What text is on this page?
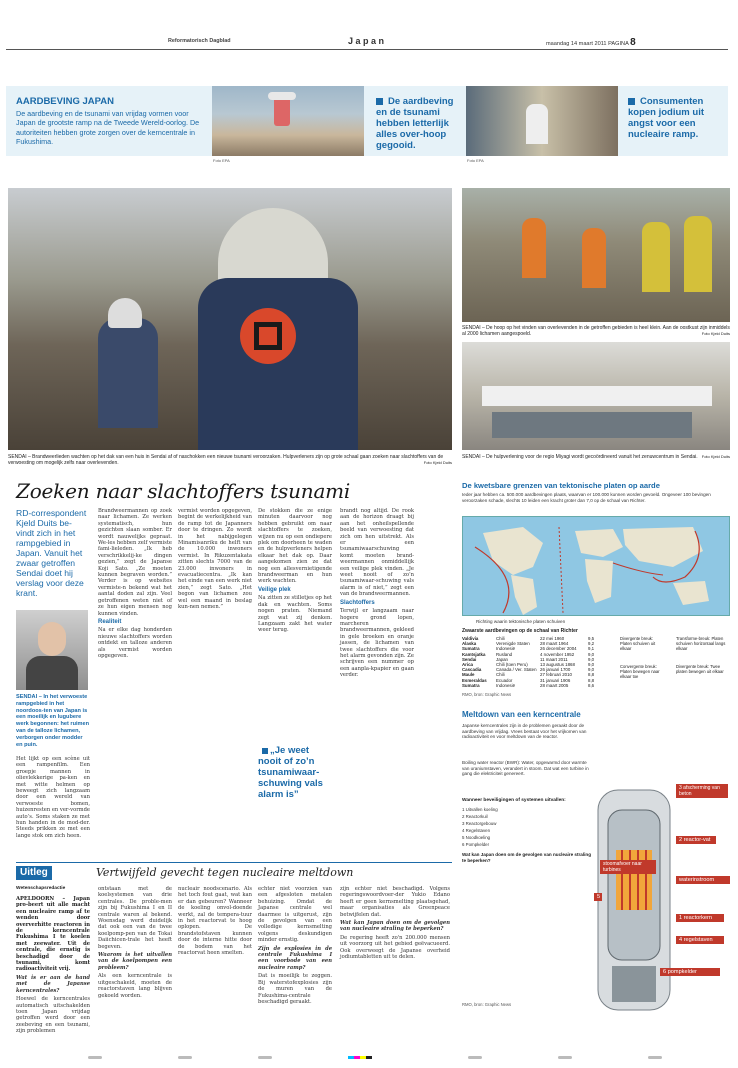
Reformatorisch Dagblad	J a p a n	maandag 14 maart 2011 PAGINA 8
AARDBEVING JAPAN
De aardbeving en de tsunami van vrijdag vormen voor Japan de grootste ramp na de Tweede Wereld-oorlog. De autoriteiten hebben grote zorgen over de kerncentrale in Fukushima.
Foto EPA
De aardbeving en de tsunami hebben letterlijk alles over-hoop gegooid.
Foto EPA
Consumenten kopen jodium uit angst voor een nucleaire ramp.
SENDAI – Brandweerlieden wachten op het dak van een huis in Sendai af of naschokken een nieuwe tsunami veroorzaken. Hulpverleners zijn op grote schaal gaan zoeken naar slachtoffers van de verwoesting om mogelijk zelfs naar overlevenden.	Foto Kjeld Duits
SENDAI – De hoop op het vinden van overlevenden in de getroffen gebieden is heel klein. Aan de oostkust zijn inmiddels al 2000 lichamen aangespoeld.	Foto Kjeld Duits
SENDAI – De hulpverlening voor de regio Miyagi wordt gecoördineerd vanuit het zenuwcentrum in Sendai. Foto Kjeld Duits
Zoeken naar slachtoffers tsunami
RD-correspondent Kjeld Duits be-vindt zich in het rampgebied in Japan. Vanuit het zwaar getroffen Sendai doet hij verslag voor deze krant.
SENDAI – In het verwoeste rampgebied in het noordoos-ten van Japan is een moeilijk en lugubere werk begonnen: het ruimen van de talloze lichamen, verborgen onder modder en puin.

Het lijkt op een scène uit een rampenfilm. Een groepje mannen in olievlekkerige pa-ken en met witte helmen op beweegt zich langzaam door een wereld van verwoeste bomen, huizenresten en ver-vormde auto’s. Soms staken ze met hun handen in de mod-der. Steeds prikken ze met een lange stok om zich heen.

Brandweermannen op zoek naar lichamen. Ze werken systematisch, hun gezichten slaan somber. Er wordt nauwelijks gepraat. We-les hebben zelf vermiste fami-lieleden. „Ik heb verschrikkelij-ke dingen gezien,” zegt de Japanse Koji Sato. „Ze moeten kunnen begraven worden.” Verder is op websites vermiste-n bekend wat het aantal doden zal zijn. Veel getroffenen weten niet of ze hun eigen mensen nog kunnen vinden.

Realiteit

Na er elke dag honderden nieuwe slachtoffers worden ontdekt en talloze anderen als vermist worden opgegeven.

vermist worden opgegeven, begint de werkelijkheid van de ramp tot de Japanners door te dringen. Zo wordt in het nabijgelegen Minamisanriku de helft van de 10.000 inwoners vermist. In Rikuzentakata zitten slechts 7000 van de 23.000 inwoners in evacuatiecentra. „Ik kan het einde van een werk niet zien,” zegt Sato. „Het begon van lichamen zou wel een maand in beslag kun-nen nemen.”

De stokken die ze enige minuten daarvoor nog hebben gebruikt om naar slachtoffers te zoeken, wijzen nu op een ondiepere plek om doorheen te waden en de hulpverleners helpen elkaar het dak op. Daar aangekomen zien ze dat nog een allesvernietigende brandweerman en hun werk wachten.

Veilige plek

Na zitten ze stilletjes op het dak en wachten. Soms nogen praten. Niemand zegt wat zij denken. Langzaam zakt het water weer terug.

„Je weet nooit of zo’n tsunamiwaar-schuwing vals alarm is”

brandt nog altijd. De rook aan de horizon draagt bij aan het onheilspellende beeld van verwoesting dat zich om hen uitstrekt. Als er een tsunamiwaarschuwing komt moeten brand-weermannen onmiddellijk een veilige plek vinden. „Je weet nooit of zo’n tsunamiwaar-schuwing vals alarm is of niet,” zegt een van de brandweermannen.

Slachtoffers

Terwijl er langzaam naar hogere grond lopen, marcheren brandweermannen, gekleed in gele broeken en oranje jassen, de lichamen van twee slachtoffers die voor het alarm gevonden zijn. Ze schrijven een nummer op een aanpla-kpapier en gaan verder.

De kwetsbare grenzen van tektonische platen op aarde
Ieder jaar hebben ca. 500.000 aardbevingen plaats, waarvan er 100.000 kunnen worden gevoeld. Ongeveer 100 bevingen veroorzaken schade, slechts 10 leiden een kracht groter dan 7,0 op de schaal van Richter.
Richting waarin tektonische platen schuiven
Zwaarste aardbevingen op de schaal van Richter
Valdivia	Chili	22 mei 1960	9,5
Alaska	Verenigde Staten	28 maart 1964	9,2
Sumatra	Indonesië	26 december 2004	9,1
Kamtsjatka	Rusland	4 november 1952	9,0
Sendai	Japan	11 maart 2011	9,0
Arica	Chili (toen Peru)	13 augustus 1868	9,0
Cascadia	Canada / Ver. Staten 26 januari 1700	9,0
Maule	Chili	27 februari 2010	8,8
Esmeraldas	Ecuador	31 januari 1906	8,8
Sumatra	Indonesië	28 maart 2005	8,6
RMO, bron: Graphic News
Divergente breuk: Platen schuiven uit elkaar
Transforme-breuk: Platen schuiven horizontaal langs elkaar
Convergente breuk: Platen bewegen naar elkaar toe
Divergente breuk: Twee platen bewegen uit elkaar
Meltdown van een kerncentrale
Japanse kerncentrales zijn in de problemen geraakt door de aardbeving van vrijdag. Vrees bestaat voor het vrijkomen van radioactiviteit en voor meltdown van de reactor.
Boiling water reactor (BWR): Water, opgewarmd door warmte van uraniumstaven, verandert in stoom. Dat wat een turbine in gang die elektriciteit genereert.
Wanneer beveiligingen of systemen uitvallen:
1 Uitvallen koeling
2 Reactorkuil
3 Reactorgebouw
4 Regelstaven
5 Noodkoeling
6 Pompkelder
Wat kan Japan doen om de gevolgen van nucleaire straling te beperken?
RMO, bron: Graphic News
3 afscherming van beton
2 reactor-vat
stoomafvoer naar turbines
waterinstroom
5
1 reactorkern
4 regelstaven
6 pompkelder
Uitleg	Vertwijfeld gevecht tegen nucleaire meltdown
Wetenschapsredactie

APELDOORN – Japan pro-beert uit alle macht een nucleaire ramp af te wenden door oververhitte reactoren in de kerncentrale Fukushima I te koelen met zeewater. Uit de centrale, die ernstig is beschadigd door de tsunami, komt radioactiviteit vrij.

Wat is er aan de hand met de Japanse kerncentrales?

Hoewel de kerncentrales automatisch uitschakelden toen Japan vrijdag getroffen werd door een zeebeving en een tsunami, zijn problemen

ontstaan met de koelsystemen van drie centrales. De proble-men zijn bij Fukushima I en II centrale waren al bekend. Woensdag werd duidelijk dat ook een van de twee koelpomp-pen van de Tokai Daiichicen-trale het heeft begeven.

Waarom is het uitvallen van de koelpompen een probleem?

Als een kerncentrale is uitgeschakeld, moeten de reactorstaven lang blijven gekoeld worden.

nucleair noodscenario. Als het toch fout gaat, wat kan er dan gebeuren? Wanneer de koeling onvol-doende werkt, zal de tempera-tuur in het reactorvat te hoog oplopen. De brandstofstaven kunnen door de interne hitte door de bodem van het reactorvat heen smelten.

echter niet voorzien van een afgesloten metalen behuizing. Omdat de Japanse centrale wel daarmee is uitgerust, zijn de gevolgen van een volledige kernsmelting volgens deskundigen minder ernstig.

Zijn de explosies in de centrale Fukushima I een voorbode van een nucleaire ramp?

Dat is moeilijk te zeggen. Bij waterstofexplosies zijn de muren van de Fukushima-centrale beschadigd geraakt.

zijn echter niet beschadigd. Volgens regeringswoordvoer-der Yukio Edano heeft er geen kernsmelting plaatsgehad, maar organisaties als Greenpeace betwijfelen dat.

Wat kan Japan doen om de gevolgen van nucleaire straling te beperken?

De regering heeft zo'n 200.000 mensen uit voorzorg uit het gebied geëvacueerd. Ook overweegt de Japanse overheid jodiumtabletten uit te delen.
